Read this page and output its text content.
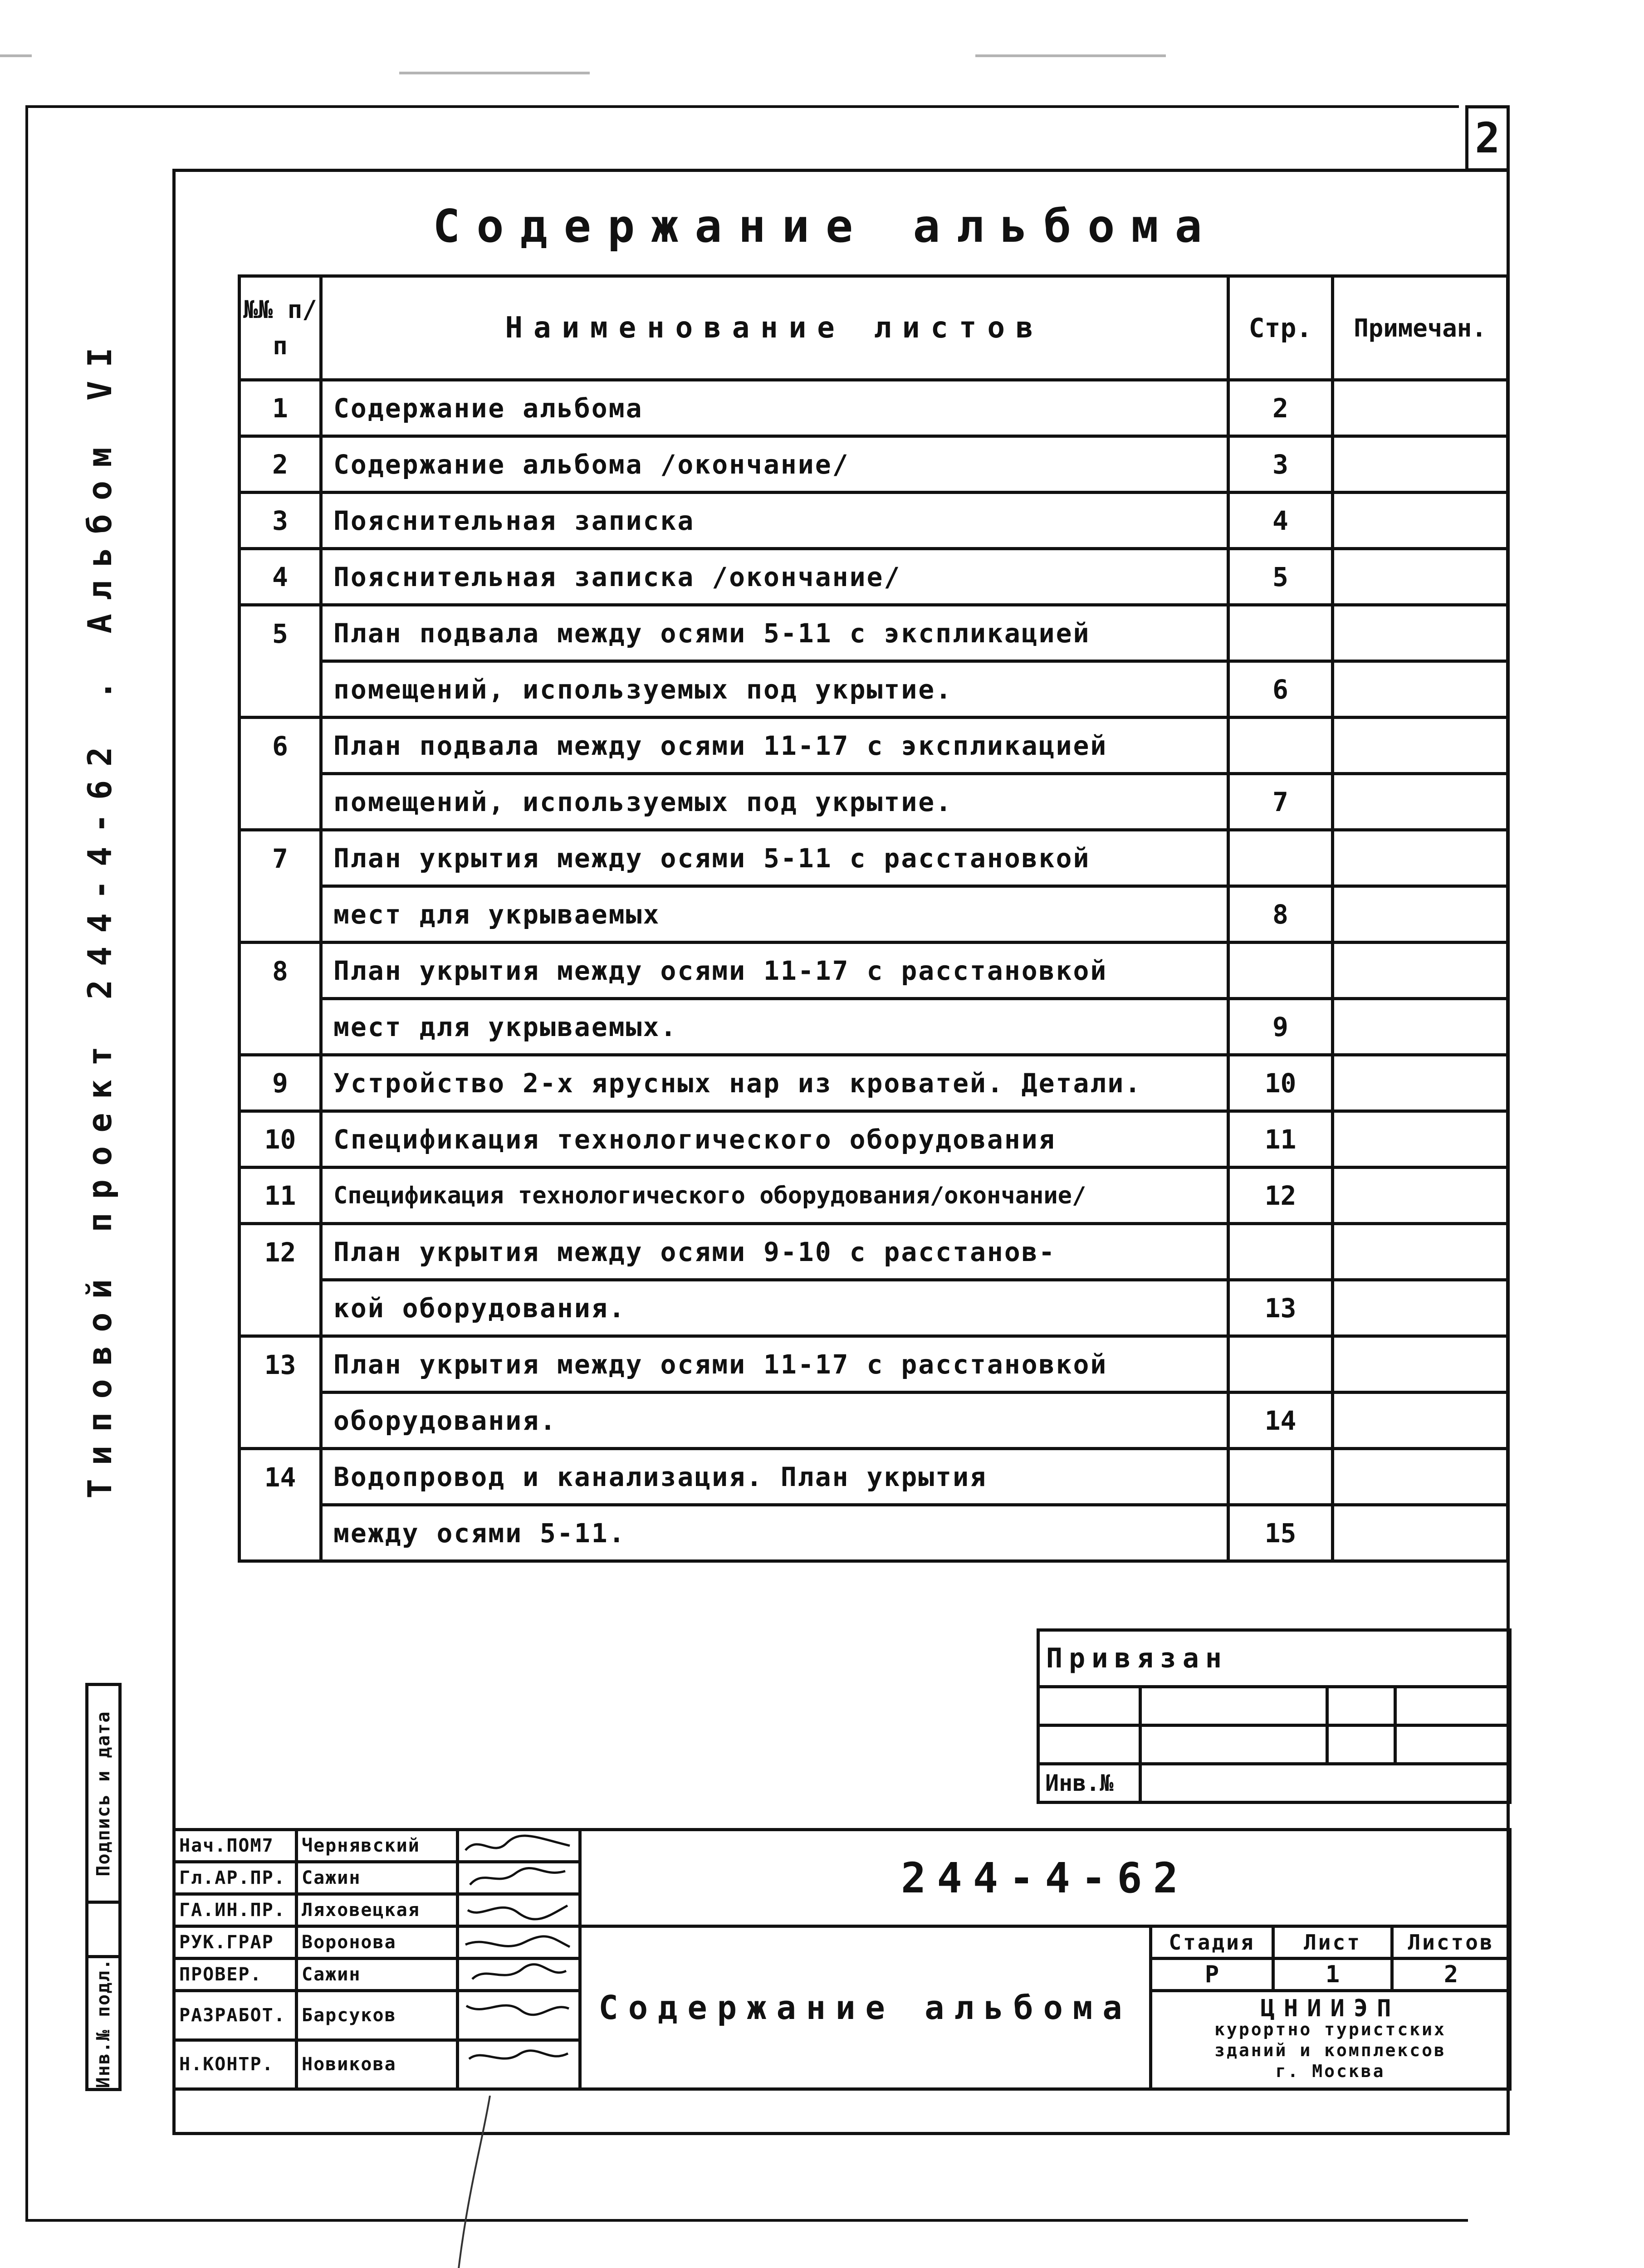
2
Содержание альбома
Типовой проект 244-4-62 . Альбом VI
№№ п/п	Наименование листов	Стр.	Примечан.
1	Содержание альбома	2	
2	Содержание альбома /окончание/	3	
3	Пояснительная записка	4	
4	Пояснительная записка /окончание/	5	
5	План подвала между осями 5-11 с экспликацией		
	помещений, используемых под укрытие.	6	
6	План подвала между осями 11-17 с экспликацией		
	помещений, используемых под укрытие.	7	
7	План укрытия между осями 5-11 с расстановкой		
	мест для укрываемых	8	
8	План укрытия между осями 11-17 с расстановкой		
	мест для укрываемых.	9	
9	Устройство 2-х ярусных нар из кроватей. Детали.	10	
10	Спецификация технологического оборудования	11	
11	Спецификация технологического оборудования/окончание/	12	
12	План укрытия между осями 9-10 с расстанов-		
	кой оборудования.	13	
13	План укрытия между осями 11-17 с расстановкой		
	оборудования.	14	
14	Водопровод и канализация. План укрытия		
	между осями 5-11.	15	
Привязан			

Инв.№			
Нач.ПОМ7	Чернявский		244-4-62			
Гл.АР.ПР.	Сажин	

ГА.ИН.ПР.	Ляховецкая	

РУК.ГРАР	Воронова		Содержание альбома	Стадия	Лист	Листов
ПРОВЕР.	Сажин			Р	1	2
РАЗРАБОТ.	Барсуков			ЦНИИЭП
курортно туристских
зданий и комплексов
г. Москва		

Н.КОНТР.	Новикова	
Подпись и дата
Инв.№ подл.
